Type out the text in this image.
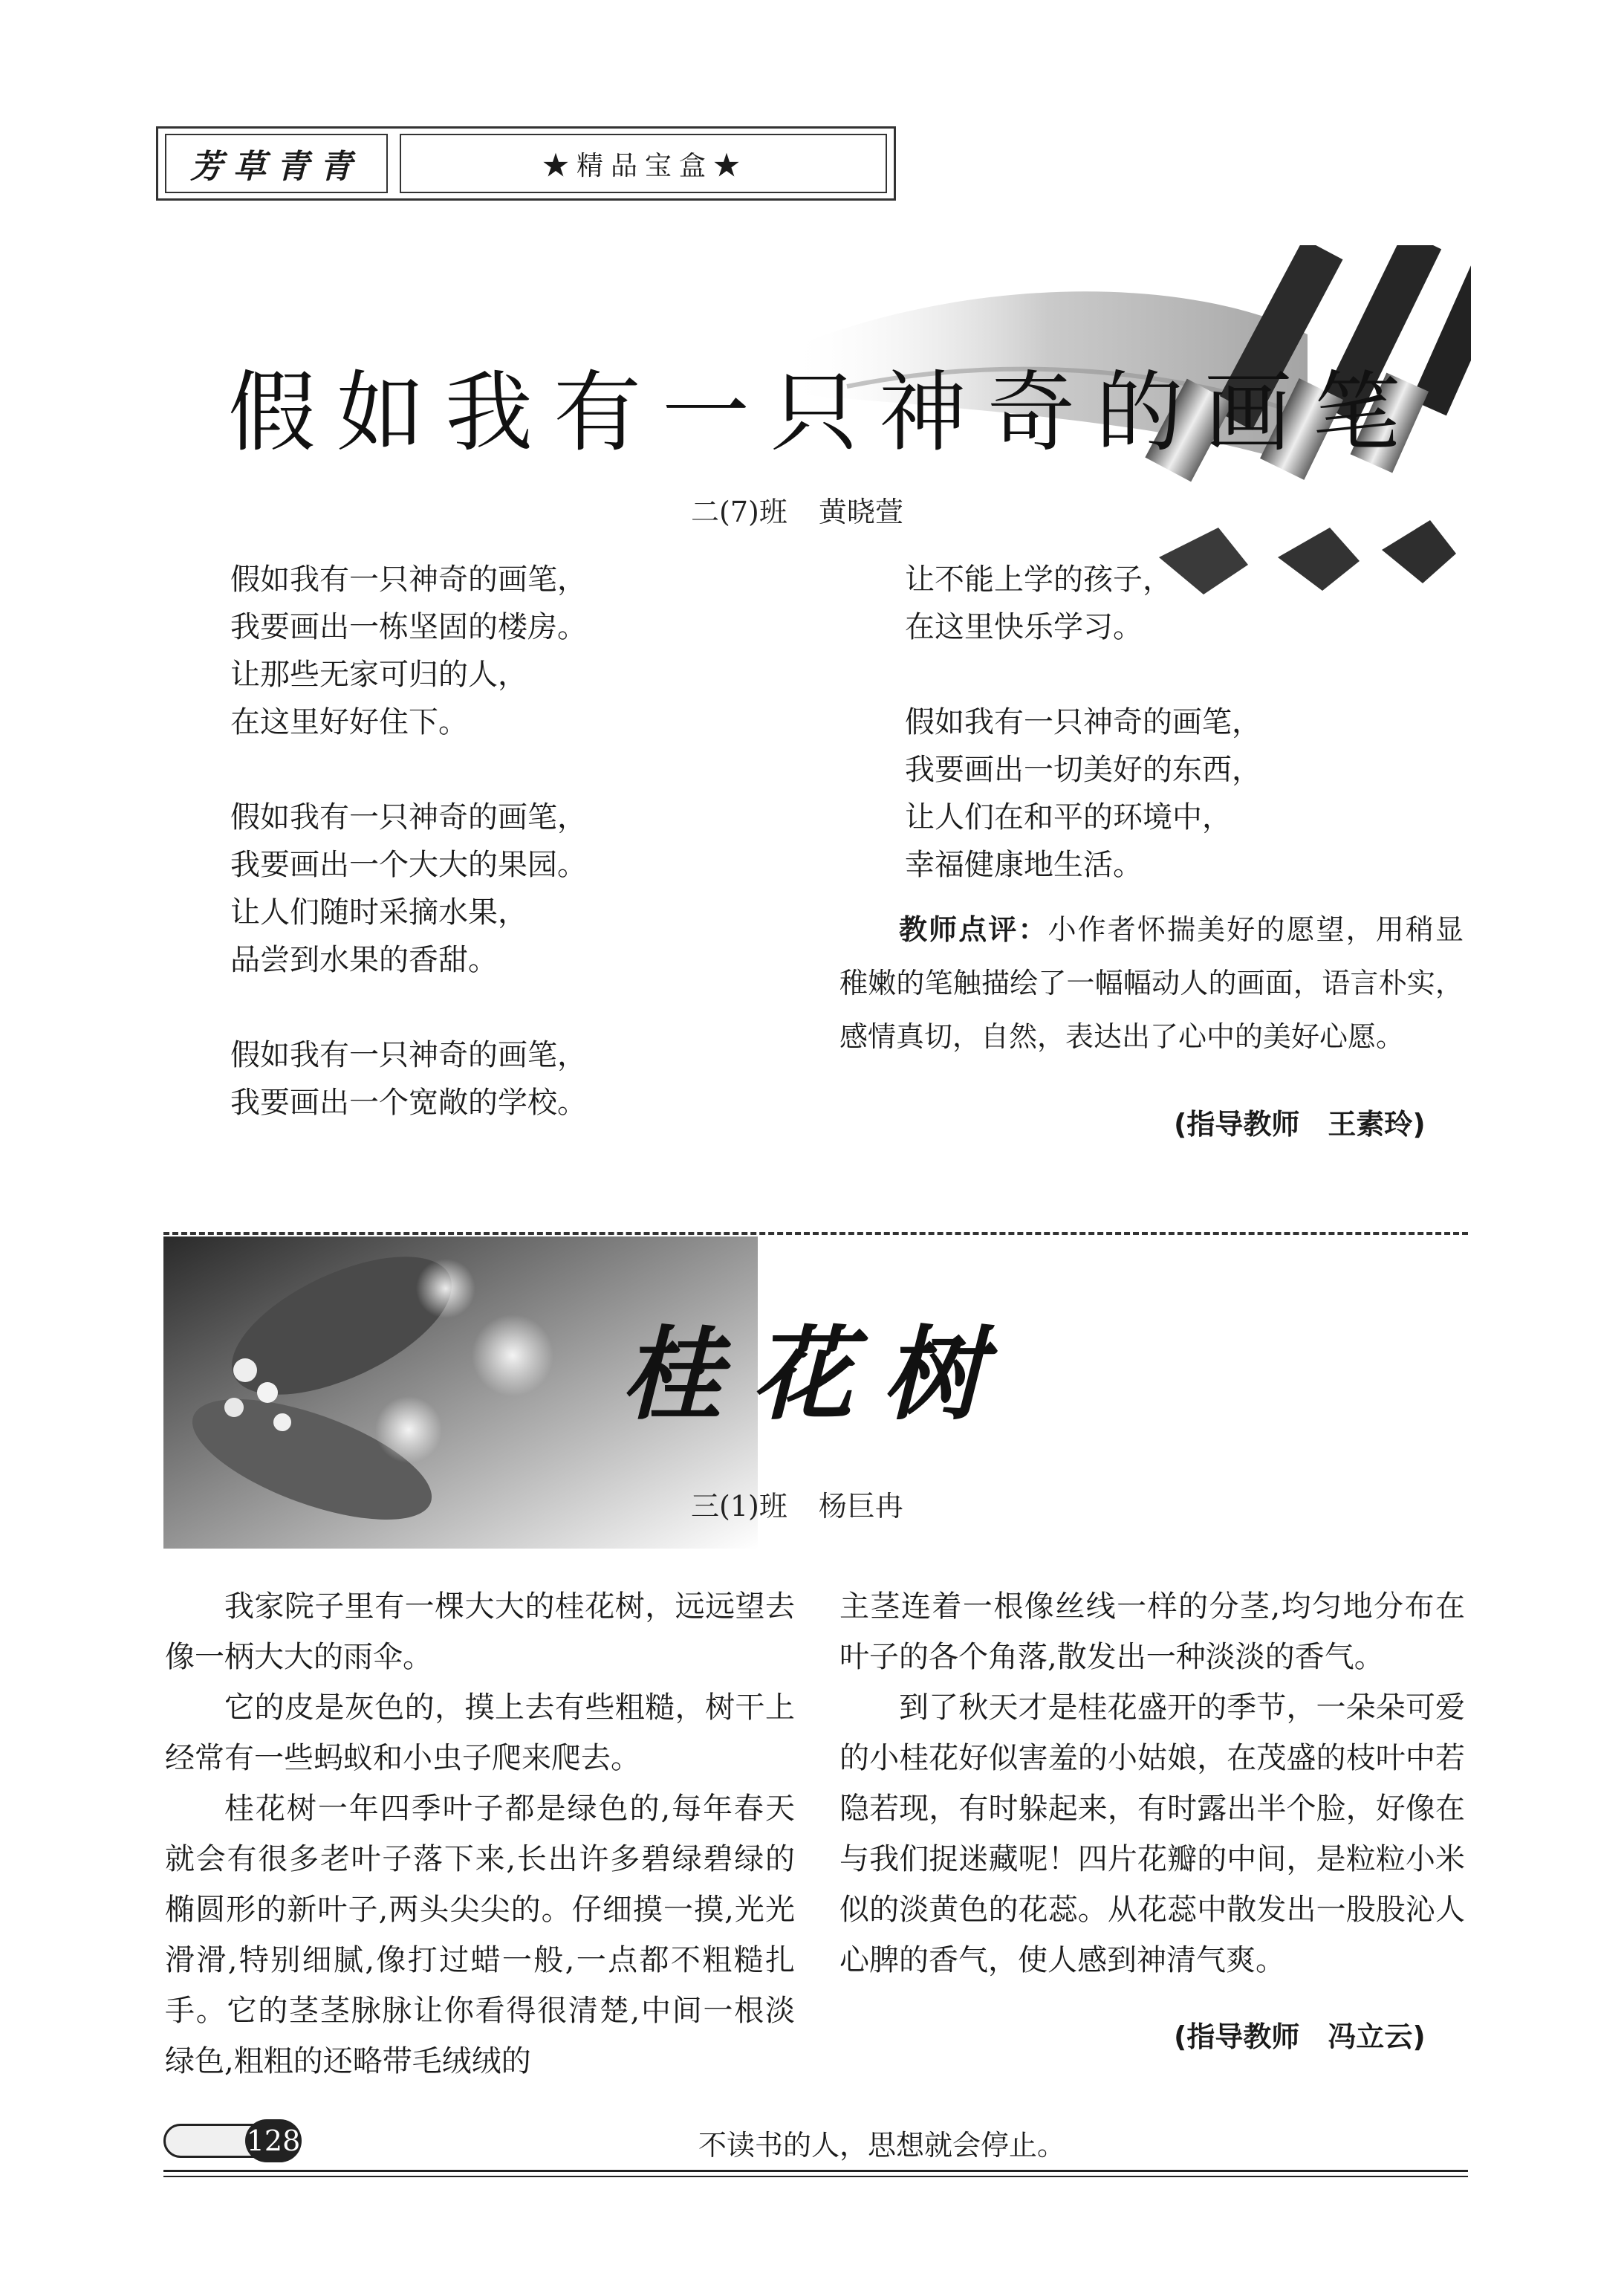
芳草青青	★精品宝盒★
假如我有一只神奇的画笔
二(7)班 黄晓萱
假如我有一只神奇的画笔，
我要画出一栋坚固的楼房。
让那些无家可归的人，
在这里好好住下。
假如我有一只神奇的画笔，
我要画出一个大大的果园。
让人们随时采摘水果，
品尝到水果的香甜。
假如我有一只神奇的画笔，
我要画出一个宽敞的学校。
让不能上学的孩子，
在这里快乐学习。
假如我有一只神奇的画笔，
我要画出一切美好的东西，
让人们在和平的环境中，
幸福健康地生活。
教师点评：小作者怀揣美好的愿望，用稍显稚嫩的笔触描绘了一幅幅动人的画面，语言朴实，感情真切，自然，表达出了心中的美好心愿。
(指导教师　王素玲)
桂花树
三(1)班 杨巨冉

我家院子里有一棵大大的桂花树，远远望去像一柄大大的雨伞。

它的皮是灰色的，摸上去有些粗糙，树干上经常有一些蚂蚁和小虫子爬来爬去。

桂花树一年四季叶子都是绿色的,每年春天就会有很多老叶子落下来,长出许多碧绿碧绿的椭圆形的新叶子,两头尖尖的。仔细摸一摸,光光滑滑,特别细腻,像打过蜡一般,一点都不粗糙扎手。它的茎茎脉脉让你看得很清楚,中间一根淡绿色,粗粗的还略带毛绒绒的

主茎连着一根像丝线一样的分茎,均匀地分布在叶子的各个角落,散发出一种淡淡的香气。

到了秋天才是桂花盛开的季节，一朵朵可爱的小桂花好似害羞的小姑娘，在茂盛的枝叶中若隐若现，有时躲起来，有时露出半个脸，好像在与我们捉迷藏呢！四片花瓣的中间，是粒粒小米似的淡黄色的花蕊。从花蕊中散发出一股股沁人心脾的香气，使人感到神清气爽。

(指导教师　冯立云)
128	不读书的人，思想就会停止。
